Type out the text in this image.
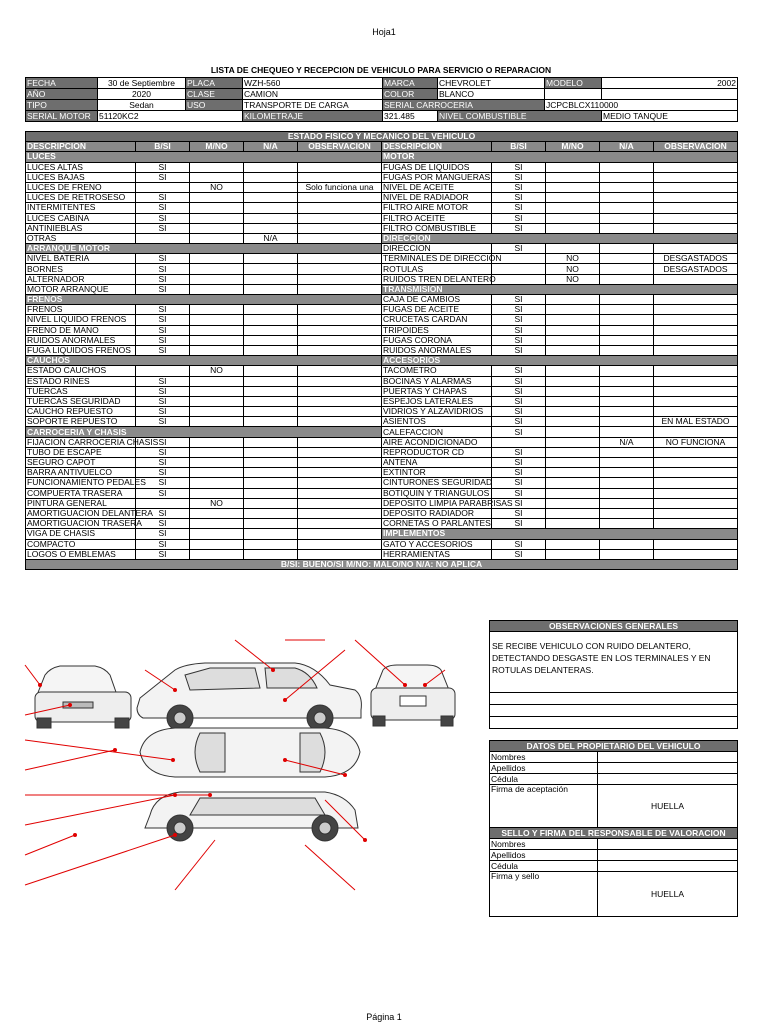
Hoja1
LISTA DE CHEQUEO Y RECEPCION DE VEHICULO PARA SERVICIO O REPARACION
FECHA	30 de Septiembre	PLACA	WZH-560	MARCA	CHEVROLET	MODELO	2002
AÑO	2020	CLASE	CAMION	COLOR	BLANCO		
TIPO	Sedan	USO	TRANSPORTE DE CARGA	SERIAL CARROCERIA		JCPCBLCX110000	
SERIAL MOTOR	51120KC2		KILOMETRAJE	321.485	NIVEL COMBUSTIBLE		MEDIO TANQUE
ESTADO FISICO Y MECANICO DEL VEHICULO									
DESCRIPCION	B/SI	M/NO	N/A	OBSERVACION	DESCRIPCION	B/SI	M/NO	N/A	OBSERVACION
LUCES					MOTOR				
LUCES ALTAS	SI				FUGAS DE LIQUIDOS	SI			
LUCES BAJAS	SI				FUGAS POR MANGUERAS	SI			
LUCES DE FRENO		NO		Solo funciona una	NIVEL DE ACEITE	SI			
LUCES DE RETROSESO	SI				NIVEL DE RADIADOR	SI			
INTERMITENTES	SI				FILTRO AIRE MOTOR	SI			
LUCES CABINA	SI				FILTRO ACEITE	SI			
ANTINIEBLAS	SI				FILTRO COMBUSTIBLE	SI			
OTRAS			N/A		DIRECCION				
ARRANQUE MOTOR					DIRECCION	SI			
NIVEL BATERIA	SI				TERMINALES DE DIRECCION		NO		DESGASTADOS
BORNES	SI				ROTULAS		NO		DESGASTADOS
ALTERNADOR	SI				RUIDOS TREN DELANTERO		NO		
MOTOR ARRANQUE	SI				TRANSMISION				
FRENOS					CAJA DE CAMBIOS	SI			
FRENOS	SI				FUGAS DE ACEITE	SI			
NIVEL LIQUIDO FRENOS	SI				CRUCETAS CARDAN	SI			
FRENO DE MANO	SI				TRIPOIDES	SI			
RUIDOS ANORMALES	SI				FUGAS CORONA	SI			
FUGA LIQUIDOS FRENOS	SI				RUIDOS ANORMALES	SI			
CAUCHOS					ACCESORIOS				
ESTADO CAUCHOS		NO			TACOMETRO	SI			
ESTADO RINES	SI				BOCINAS Y ALARMAS	SI			
TUERCAS	SI				PUERTAS Y CHAPAS	SI			
TUERCAS SEGURIDAD	SI				ESPEJOS LATERALES	SI			
CAUCHO REPUESTO	SI				VIDRIOS Y ALZAVIDRIOS	SI			
SOPORTE REPUESTO	SI				ASIENTOS	SI			EN MAL ESTADO
CARROCERIA Y CHASIS					CALEFACCION	SI			
FIJACION CARROCERIA CHASIS	SI				AIRE ACONDICIONADO			N/A	NO FUNCIONA
TUBO DE ESCAPE	SI				REPRODUCTOR CD	SI			
SEGURO CAPOT	SI				ANTENA	SI			
BARRA ANTIVUELCO	SI				EXTINTOR	SI			
FUNCIONAMIENTO PEDALES	SI				CINTURONES SEGURIDAD	SI			
COMPUERTA TRASERA	SI				BOTIQUIN Y TRIANGULOS	SI			
PINTURA GENERAL		NO			DEPOSITO LIMPIA PARABRISAS	SI			
AMORTIGUACION DELANTERA	SI				DEPOSITO RADIADOR	SI			
AMORTIGUACION TRASERA	SI				CORNETAS O PARLANTES	SI			
VIGA DE CHASIS	SI				IMPLEMENTOS				
COMPACTO	SI				GATO Y ACCESORIOS	SI			
LOGOS O EMBLEMAS	SI				HERRAMIENTAS	SI			
B/SI: BUENO/SI M/NO: MALO/NO N/A: NO APLICA									
OBSERVACIONES GENERALES
SE RECIBE VEHICULO CON RUIDO DELANTERO, DETECTANDO DESGASTE EN LOS TERMINALES Y EN ROTULAS DELANTERAS.

DATOS DEL PROPIETARIO DEL VEHICULO	
Nombres	
Apellidos	
Cédula	
Firma de aceptación	HUELLA
SELLO Y FIRMA DEL RESPONSABLE DE VALORACION	
Nombres	
Apellidos	
Cédula	
Firma y sello	HUELLA
Página 1
